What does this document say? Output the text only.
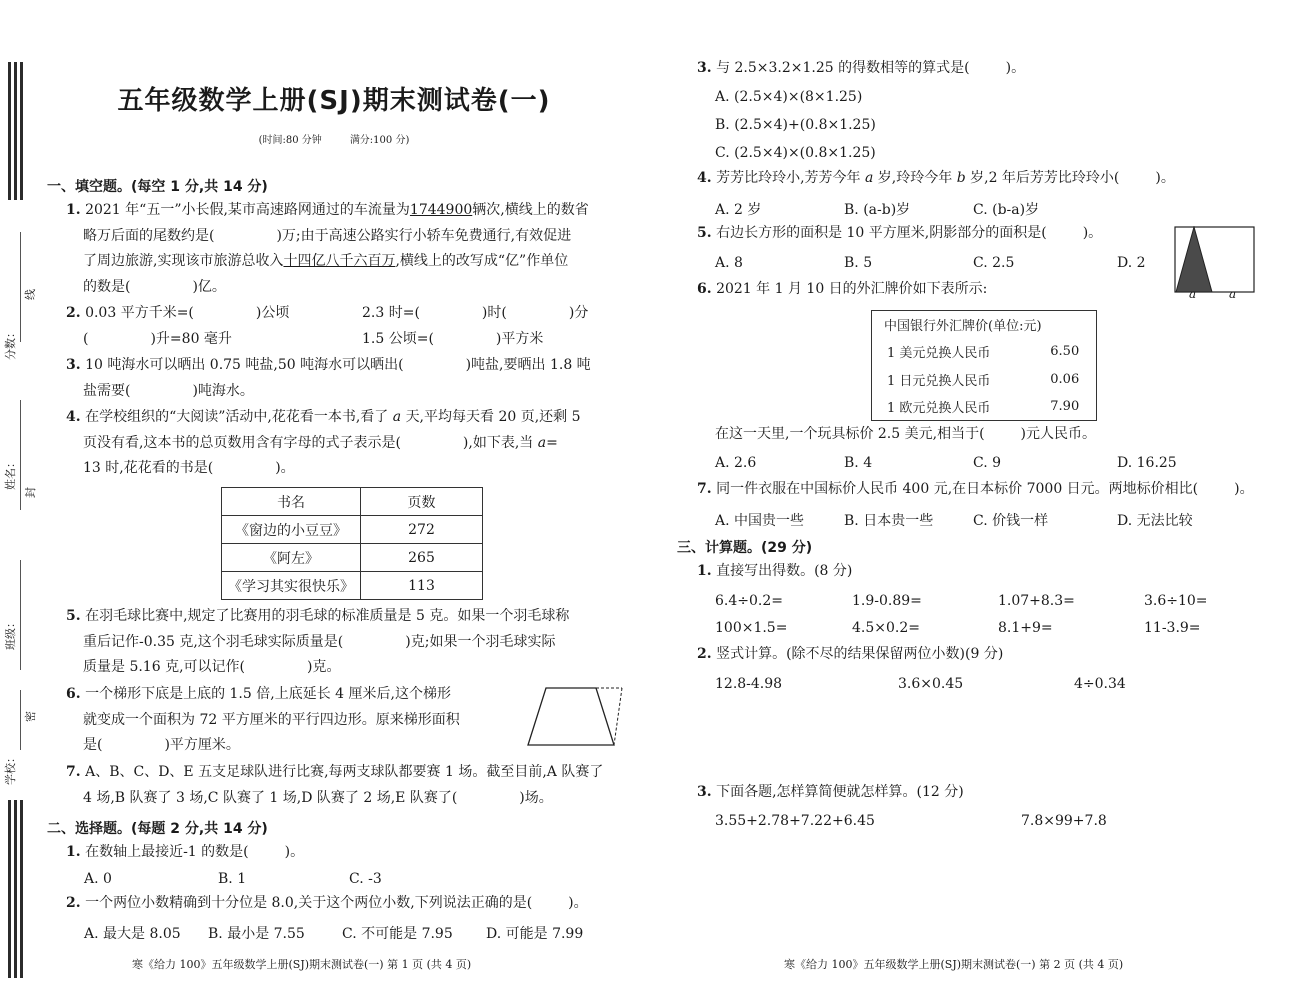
分数：
姓名：
班级：
学校：
线
封
密
五年级数学上册(SJ)期末测试卷(一)
(时间:80 分钟	满分:100 分)
一、填空题。(每空 1 分,共 14 分)
1. 2021 年“五一”小长假,某市高速路网通过的车流量为1744900辆次,横线上的数省
略万后面的尾数约是(	)万;由于高速公路实行小轿车免费通行,有效促进
了周边旅游,实现该市旅游总收入十四亿八千六百万,横线上的改写成“亿”作单位
的数是(	)亿。
2. 0.03 平方千米=(	)公顷	2.3 时=(	)时(	)分
(	)升=80 毫升	1.5 公顷=(	)平方米
3. 10 吨海水可以晒出 0.75 吨盐,50 吨海水可以晒出(	)吨盐,要晒出 1.8 吨
盐需要(	)吨海水。
4. 在学校组织的“大阅读”活动中,花花看一本书,看了 a 天,平均每天看 20 页,还剩 5
页没有看,这本书的总页数用含有字母的式子表示是(	),如下表,当 a=
13 时,花花看的书是(	)。
书名	页数
《窗边的小豆豆》	272
《阿左》	265
《学习其实很快乐》	113
5. 在羽毛球比赛中,规定了比赛用的羽毛球的标准质量是 5 克。如果一个羽毛球称
重后记作-0.35 克,这个羽毛球实际质量是(	)克;如果一个羽毛球实际
质量是 5.16 克,可以记作(	)克。
6. 一个梯形下底是上底的 1.5 倍,上底延长 4 厘米后,这个梯形
就变成一个面积为 72 平方厘米的平行四边形。原来梯形面积
是(	)平方厘米。
7. A、B、C、D、E 五支足球队进行比赛,每两支球队都要赛 1 场。截至目前,A 队赛了
4 场,B 队赛了 3 场,C 队赛了 1 场,D 队赛了 2 场,E 队赛了(	)场。
二、选择题。(每题 2 分,共 14 分)
1. 在数轴上最接近-1 的数是(	)。
A. 0	B. 1	C. -3
2. 一个两位小数精确到十分位是 8.0,关于这个两位小数,下列说法正确的是(	)。
A. 最大是 8.05 B. 最小是 7.55	C. 不可能是 7.95 D. 可能是 7.99
寒《给力 100》五年级数学上册(SJ)期末测试卷(一) 第 1 页 (共 4 页)
3. 与 2.5×3.2×1.25 的得数相等的算式是(	)。
A. (2.5×4)×(8×1.25)
B. (2.5×4)+(0.8×1.25)
C. (2.5×4)×(0.8×1.25)
4. 芳芳比玲玲小,芳芳今年 a 岁,玲玲今年 b 岁,2 年后芳芳比玲玲小(	)。
A. 2 岁	B. (a-b)岁	C. (b-a)岁
5. 右边长方形的面积是 10 平方厘米,阴影部分的面积是(	)。
A. 8	B. 5	C. 2.5	D. 2
a	a
6. 2021 年 1 月 10 日的外汇牌价如下表所示:
中国银行外汇牌价(单位:元)	
1 美元兑换人民币	6.50
1 日元兑换人民币	0.06
1 欧元兑换人民币	7.90
在这一天里,一个玩具标价 2.5 美元,相当于(	)元人民币。
A. 2.6	B. 4	C. 9	D. 16.25
7. 同一件衣服在中国标价人民币 400 元,在日本标价 7000 日元。两地标价相比(	)。
A. 中国贵一些	B. 日本贵一些	C. 价钱一样	D. 无法比较
三、计算题。(29 分)
1. 直接写出得数。(8 分)
6.4÷0.2=	1.9-0.89=	1.07+8.3=	3.6÷10=
100×1.5=	4.5×0.2=	8.1+9=	11-3.9=
2. 竖式计算。(除不尽的结果保留两位小数)(9 分)
12.8-4.98	3.6×0.45	4÷0.34
3. 下面各题,怎样算简便就怎样算。(12 分)
3.55+2.78+7.22+6.45	7.8×99+7.8
寒《给力 100》五年级数学上册(SJ)期末测试卷(一) 第 2 页 (共 4 页)
